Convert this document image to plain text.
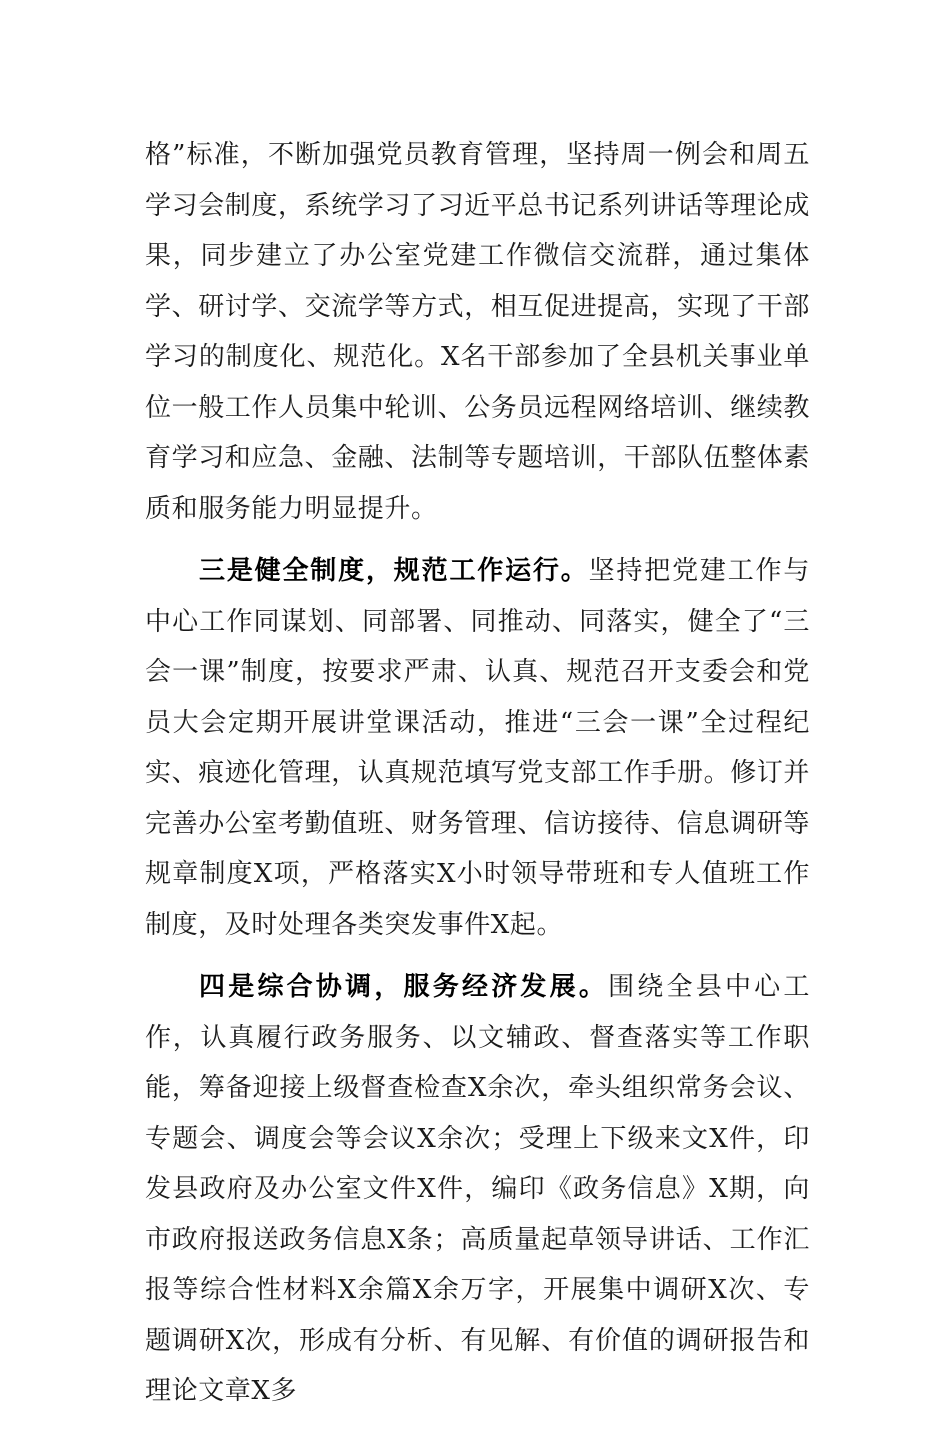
格”标准，不断加强党员教育管理，坚持周一例会和周五学习会制度，系统学习了习近平总书记系列讲话等理论成果，同步建立了办公室党建工作微信交流群，通过集体学、研讨学、交流学等方式，相互促进提高，实现了干部学习的制度化、规范化。X名干部参加了全县机关事业单位一般工作人员集中轮训、公务员远程网络培训、继续教育学习和应急、金融、法制等专题培训，干部队伍整体素质和服务能力明显提升。

三是健全制度，规范工作运行。坚持把党建工作与中心工作同谋划、同部署、同推动、同落实，健全了“三会一课”制度，按要求严肃、认真、规范召开支委会和党员大会定期开展讲堂课活动，推进“三会一课”全过程纪实、痕迹化管理，认真规范填写党支部工作手册。修订并完善办公室考勤值班、财务管理、信访接待、信息调研等规章制度X项，严格落实X小时领导带班和专人值班工作制度，及时处理各类突发事件X起。

四是综合协调，服务经济发展。围绕全县中心工作，认真履行政务服务、以文辅政、督查落实等工作职能，筹备迎接上级督查检查X余次，牵头组织常务会议、专题会、调度会等会议X余次；受理上下级来文X件，印发县政府及办公室文件X件，编印《政务信息》X期，向市政府报送政务信息X条；高质量起草领导讲话、工作汇报等综合性材料X余篇X余万字，开展集中调研X次、专题调研X次，形成有分析、有见解、有价值的调研报告和理论文章X多
